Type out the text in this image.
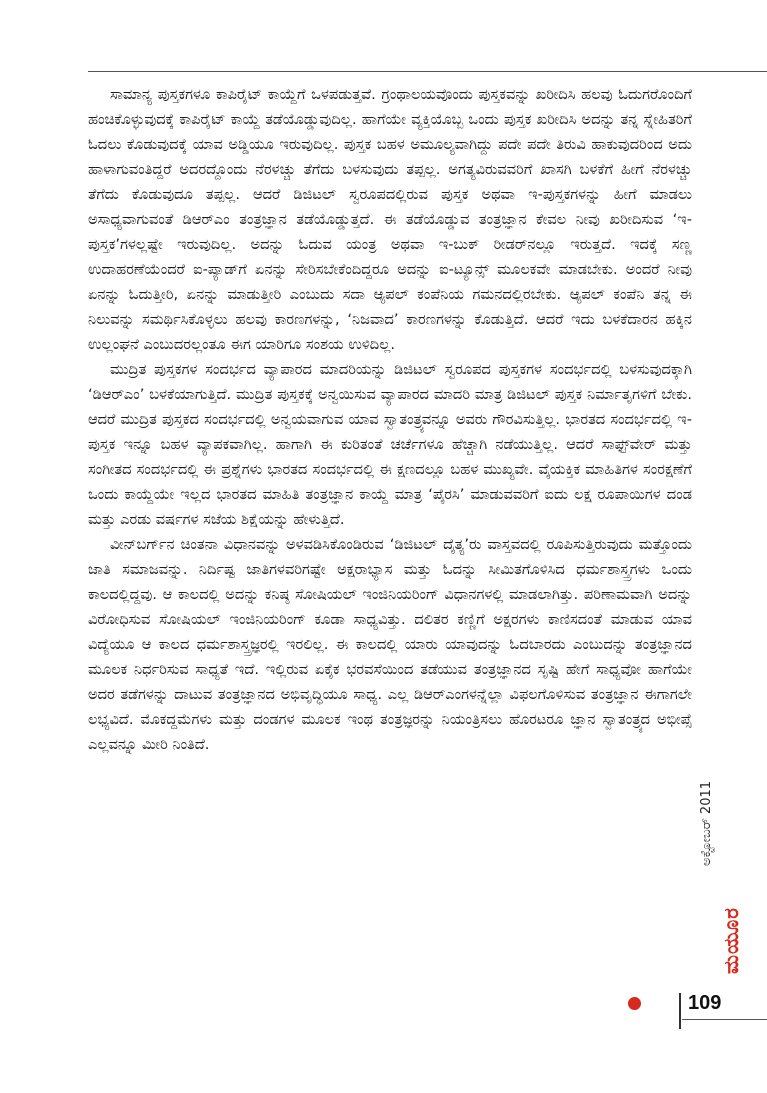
ಸಾಮಾನ್ಯ ಪುಸ್ತಕಗಳೂ ಕಾಪಿರೈಟ್ ಕಾಯ್ದೆಗೆ ಒಳಪಡುತ್ತವೆ. ಗ್ರಂಥಾಲಯವೊಂದು ಪುಸ್ತಕವನ್ನು ಖರೀದಿಸಿ ಹಲವು ಓದುಗರೊಂದಿಗೆ ಹಂಚಿಕೊಳ್ಳುವುದಕ್ಕೆ ಕಾಪಿರೈಟ್ ಕಾಯ್ದೆ ತಡೆಯೊಡ್ಡುವುದಿಲ್ಲ. ಹಾಗೆಯೇ ವ್ಯಕ್ತಿಯೊಬ್ಬ ಒಂದು ಪುಸ್ತಕ ಖರೀದಿಸಿ ಅದನ್ನು ತನ್ನ ಸ್ನೇಹಿತರಿಗೆ ಓದಲು ಕೊಡುವುದಕ್ಕೆ ಯಾವ ಅಡ್ಡಿಯೂ ಇರುವುದಿಲ್ಲ. ಪುಸ್ತಕ ಬಹಳ ಅಮೂಲ್ಯವಾಗಿದ್ದು ಪದೇ ಪದೇ ತಿರುವಿ ಹಾಕುವುದರಿಂದ ಅದು ಹಾಳಾಗುವಂತಿದ್ದರೆ ಅದರದ್ದೊಂದು ನೆರಳಚ್ಚು ತೆಗೆದು ಬಳಸುವುದು ತಪ್ಪಲ್ಲ. ಅಗತ್ಯವಿರುವವರಿಗೆ ಖಾಸಗಿ ಬಳಕೆಗೆ ಹೀಗೆ ನೆರಳಚ್ಚು ತೆಗೆದು ಕೊಡುವುದೂ ತಪ್ಪಲ್ಲ. ಆದರೆ ಡಿಜಿಟಲ್ ಸ್ವರೂಪದಲ್ಲಿರುವ ಪುಸ್ತಕ ಅಥವಾ ಇ-ಪುಸ್ತಕಗಳನ್ನು ಹೀಗೆ ಮಾಡಲು ಅಸಾಧ್ಯವಾಗುವಂತೆ ಡಿಆರ್‌ಎಂ ತಂತ್ರಜ್ಞಾನ ತಡೆಯೊಡ್ಡುತ್ತದೆ. ಈ ತಡೆಯೊಡ್ಡುವ ತಂತ್ರಜ್ಞಾನ ಕೇವಲ ನೀವು ಖರೀದಿಸುವ ‘ಇ-ಪುಸ್ತಕ’ಗಳಲ್ಲಷ್ಟೇ ಇರುವುದಿಲ್ಲ. ಅದನ್ನು ಓದುವ ಯಂತ್ರ ಅಥವಾ ಇ-ಬುಕ್ ರೀಡರ್‌ನಲ್ಲೂ ಇರುತ್ತದೆ. ಇದಕ್ಕೆ ಸಣ್ಣ ಉದಾಹರಣೆಯೆಂದರೆ ಐ-ಪ್ಯಾಡ್‌ಗೆ ಏನನ್ನು ಸೇರಿಸಬೇಕೆಂದಿದ್ದರೂ ಅದನ್ನು ಐ-ಟ್ಯೂನ್ಸ್ ಮೂಲಕವೇ ಮಾಡಬೇಕು. ಅಂದರೆ ನೀವು ಏನನ್ನು ಓದುತ್ತೀರಿ, ಏನನ್ನು ಮಾಡುತ್ತೀರಿ ಎಂಬುದು ಸದಾ ಆ್ಯಪಲ್ ಕಂಪೆನಿಯ ಗಮನದಲ್ಲಿರಬೇಕು. ಆ್ಯಪಲ್ ಕಂಪೆನಿ ತನ್ನ ಈ ನಿಲುವನ್ನು ಸಮರ್ಥಿಸಿಕೊಳ್ಳಲು ಹಲವು ಕಾರಣಗಳನ್ನು, ‘ನಿಜವಾದ’ ಕಾರಣಗಳನ್ನು ಕೊಡುತ್ತಿದೆ. ಆದರೆ ಇದು ಬಳಕೆದಾರನ ಹಕ್ಕಿನ ಉಲ್ಲಂಘನೆ ಎಂಬುದರಲ್ಲಂತೂ ಈಗ ಯಾರಿಗೂ ಸಂಶಯ ಉಳಿದಿಲ್ಲ.

ಮುದ್ರಿತ ಪುಸ್ತಕಗಳ ಸಂದರ್ಭದ ವ್ಯಾಪಾರದ ಮಾದರಿಯನ್ನು ಡಿಜಿಟಲ್ ಸ್ವರೂಪದ ಪುಸ್ತಕಗಳ ಸಂದರ್ಭದಲ್ಲಿ ಬಳಸುವುದಕ್ಕಾಗಿ ‘ಡಿಆರ್‌ಎಂ’ ಬಳಕೆಯಾಗುತ್ತಿದೆ. ಮುದ್ರಿತ ಪುಸ್ತಕಕ್ಕೆ ಅನ್ವಯಿಸುವ ವ್ಯಾಪಾರದ ಮಾದರಿ ಮಾತ್ರ ಡಿಜಿಟಲ್ ಪುಸ್ತಕ ನಿರ್ಮಾತೃಗಳಿಗೆ ಬೇಕು. ಆದರೆ ಮುದ್ರಿತ ಪುಸ್ತಕದ ಸಂದರ್ಭದಲ್ಲಿ ಅನ್ವಯವಾಗುವ ಯಾವ ಸ್ವಾತಂತ್ರ್ಯವನ್ನೂ ಅವರು ಗೌರವಿಸುತ್ತಿಲ್ಲ. ಭಾರತದ ಸಂದರ್ಭದಲ್ಲಿ ಇ-ಪುಸ್ತಕ ಇನ್ನೂ ಬಹಳ ವ್ಯಾಪಕವಾಗಿಲ್ಲ. ಹಾಗಾಗಿ ಈ ಕುರಿತಂತೆ ಚರ್ಚೆಗಳೂ ಹೆಚ್ಚಾಗಿ ನಡೆಯುತ್ತಿಲ್ಲ. ಆದರೆ ಸಾಫ್ಟ್‌ವೇರ್ ಮತ್ತು ಸಂಗೀತದ ಸಂದರ್ಭದಲ್ಲಿ ಈ ಪ್ರಶ್ನೆಗಳು ಭಾರತದ ಸಂದರ್ಭದಲ್ಲಿ ಈ ಕ್ಷಣದಲ್ಲೂ ಬಹಳ ಮುಖ್ಯವೇ. ವೈಯಕ್ತಿಕ ಮಾಹಿತಿಗಳ ಸಂರಕ್ಷಣೆಗೆ ಒಂದು ಕಾಯ್ದೆಯೇ ಇಲ್ಲದ ಭಾರತದ ಮಾಹಿತಿ ತಂತ್ರಜ್ಞಾನ ಕಾಯ್ದೆ ಮಾತ್ರ ‘ಪೈರಸಿ’ ಮಾಡುವವರಿಗೆ ಐದು ಲಕ್ಷ ರೂಪಾಯಿಗಳ ದಂಡ ಮತ್ತು ಎರಡು ವರ್ಷಗಳ ಸಜೆಯ ಶಿಕ್ಷೆಯನ್ನು ಹೇಳುತ್ತಿದೆ.

ವೀನ್‌ಬರ್ಗ್‌ನ ಚಿಂತನಾ ವಿಧಾನವನ್ನು ಅಳವಡಿಸಿಕೊಂಡಿರುವ ‘ಡಿಜಿಟಲ್ ದೈತ್ಯ’ರು ವಾಸ್ತವದಲ್ಲಿ ರೂಪಿಸುತ್ತಿರುವುದು ಮತ್ತೊಂದು ಜಾತಿ ಸಮಾಜವನ್ನು. ನಿರ್ದಿಷ್ಟ ಜಾತಿಗಳವರಿಗಷ್ಟೇ ಅಕ್ಷರಾಭ್ಯಾಸ ಮತ್ತು ಓದನ್ನು ಸೀಮಿತಗೊಳಿಸಿದ ಧರ್ಮಶಾಸ್ತ್ರಗಳು ಒಂದು ಕಾಲದಲ್ಲಿದ್ದವು. ಆ ಕಾಲದಲ್ಲಿ ಅದನ್ನು ಕನಿಷ್ಠ ಸೋಷಿಯಲ್ ಇಂಜಿನಿಯರಿಂಗ್ ವಿಧಾನಗಳಲ್ಲಿ ಮಾಡಲಾಗಿತ್ತು. ಪರಿಣಾಮವಾಗಿ ಅದನ್ನು ವಿರೋಧಿಸುವ ಸೋಷಿಯಲ್ ಇಂಜಿನಿಯರಿಂಗ್ ಕೂಡಾ ಸಾಧ್ಯವಿತ್ತು. ದಲಿತರ ಕಣ್ಣಿಗೆ ಅಕ್ಷರಗಳು ಕಾಣಿಸದಂತೆ ಮಾಡುವ ಯಾವ ವಿದ್ಯೆಯೂ ಆ ಕಾಲದ ಧರ್ಮಶಾಸ್ತ್ರಜ್ಞರಲ್ಲಿ ಇರಲಿಲ್ಲ. ಈ ಕಾಲದಲ್ಲಿ ಯಾರು ಯಾವುದನ್ನು ಓದಬಾರದು ಎಂಬುದನ್ನು ತಂತ್ರಜ್ಞಾನದ ಮೂಲಕ ನಿರ್ಧರಿಸುವ ಸಾಧ್ಯತೆ ಇದೆ. ಇಲ್ಲಿರುವ ಏಕೈಕ ಭರವಸೆಯಿಂದ ತಡೆಯುವ ತಂತ್ರಜ್ಞಾನದ ಸೃಷ್ಟಿ ಹೇಗೆ ಸಾಧ್ಯವೋ ಹಾಗೆಯೇ ಅದರ ತಡೆಗಳನ್ನು ದಾಟುವ ತಂತ್ರಜ್ಞಾನದ ಅಭಿವೃದ್ಧಿಯೂ ಸಾಧ್ಯ. ಎಲ್ಲ ಡಿಆರ್‌ಎಂಗಳನ್ನೆಲ್ಲಾ ವಿಫಲಗೊಳಿಸುವ ತಂತ್ರಜ್ಞಾನ ಈಗಾಗಲೇ ಲಭ್ಯವಿದೆ. ಮೊಕದ್ದಮೆಗಳು ಮತ್ತು ದಂಡಗಳ ಮೂಲಕ ಇಂಥ ತಂತ್ರಜ್ಞರನ್ನು ನಿಯಂತ್ರಿಸಲು ಹೊರಟರೂ ಜ್ಞಾನ ಸ್ವಾತಂತ್ರ್ಯದ ಅಭೀಪ್ಸೆ ಎಲ್ಲವನ್ನೂ ಮೀರಿ ನಿಂತಿದೆ.

ಅಕ್ಟೋಬರ್ 2011
ಮಯೂರ
109
